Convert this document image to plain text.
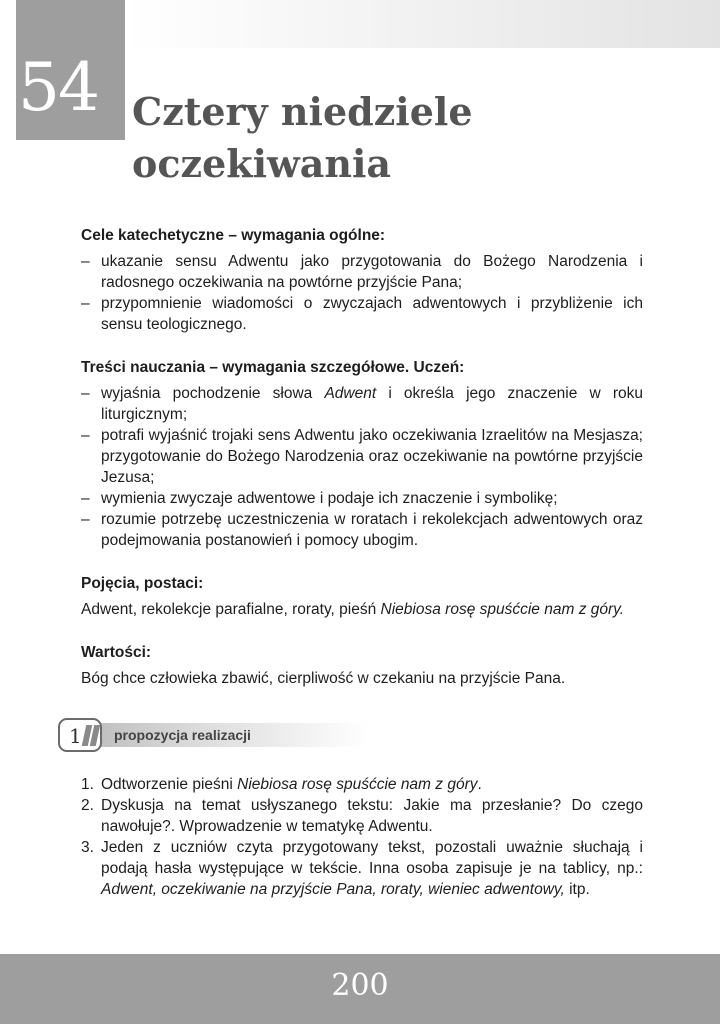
54 Cztery niedziele
oczekiwania
Cele katechetyczne – wymagania ogólne:
– ukazanie sensu Adwentu jako przygotowania do Bożego Narodzenia i radosnego oczekiwania na powtórne przyjście Pana;
– przypomnienie wiadomości o zwyczajach adwentowych i przybliżenie ich sensu teologicznego.
Treści nauczania – wymagania szczegółowe. Uczeń:
– wyjaśnia pochodzenie słowa Adwent i określa jego znaczenie w roku liturgicznym;
– potrafi wyjaśnić trojaki sens Adwentu jako oczekiwania Izraelitów na Mesjasza; przygotowanie do Bożego Narodzenia oraz oczekiwanie na powtórne przyjście Jezusa;
– wymienia zwyczaje adwentowe i podaje ich znaczenie i symbolikę;
– rozumie potrzebę uczestniczenia w roratach i rekolekcjach adwentowych oraz podejmowania postanowień i pomocy ubogim.
Pojęcia, postaci:
Adwent, rekolekcje parafialne, roraty, pieśń Niebiosa rosę spuśćcie nam z góry.
Wartości:
Bóg chce człowieka zbawić, cierpliwość w czekaniu na przyjście Pana.
1 propozycja realizacji
1. Odtworzenie pieśni Niebiosa rosę spuśćcie nam z góry.
2. Dyskusja na temat usłyszanego tekstu: Jakie ma przesłanie? Do czego nawołuje?. Wprowadzenie w tematykę Adwentu.
3. Jeden z uczniów czyta przygotowany tekst, pozostali uważnie słuchają i podają hasła występujące w tekście. Inna osoba zapisuje je na tablicy, np.: Adwent, oczekiwanie na przyjście Pana, roraty, wieniec adwentowy, itp.
200
